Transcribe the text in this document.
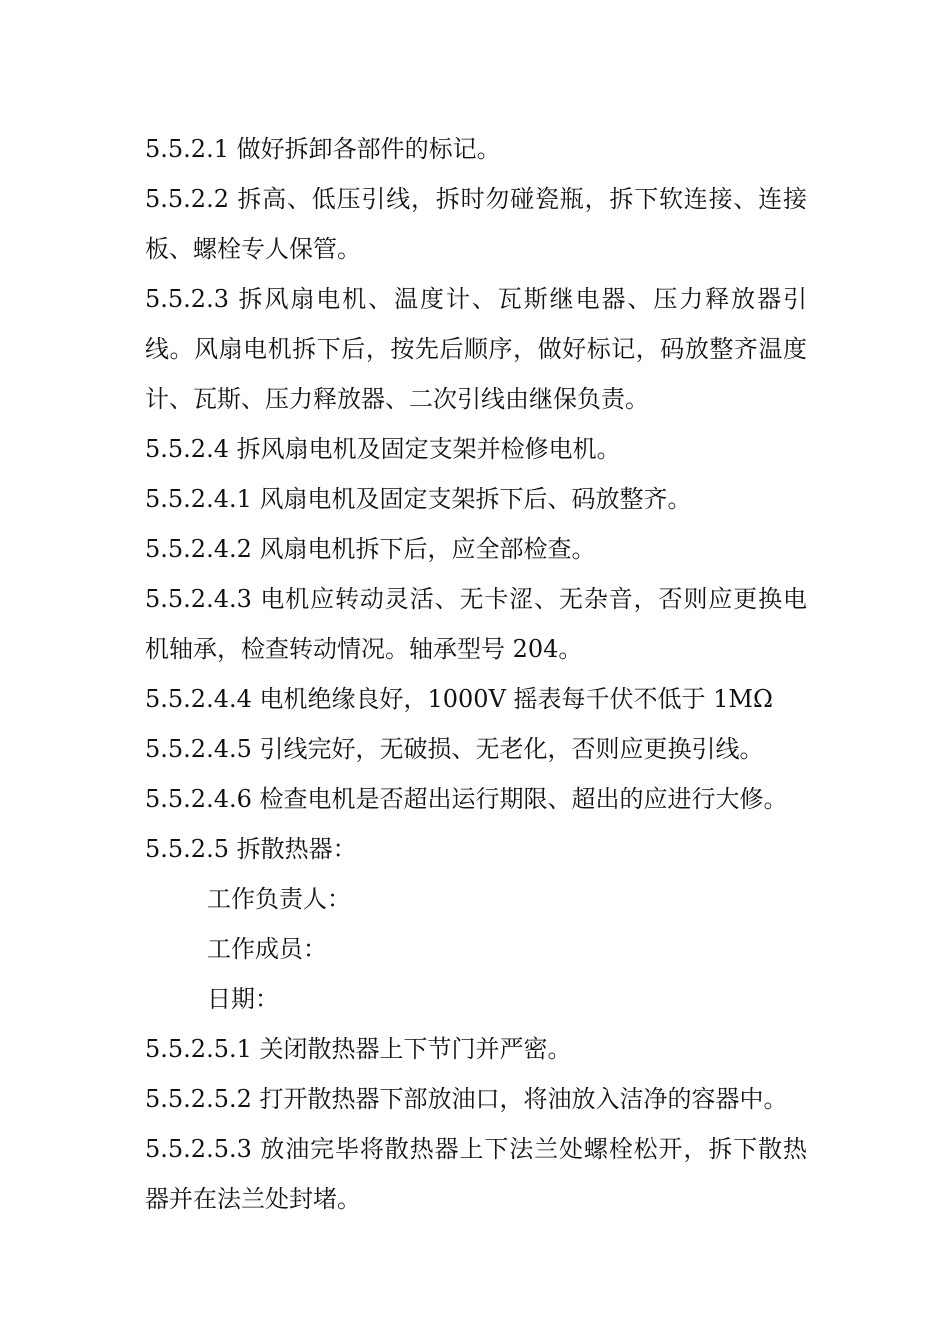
5.5.2.1 做好拆卸各部件的标记。

5.5.2.2 拆高、低压引线，拆时勿碰瓷瓶，拆下软连接、连接板、螺栓专人保管。

5.5.2.3 拆风扇电机、温度计、瓦斯继电器、压力释放器引线。风扇电机拆下后，按先后顺序，做好标记，码放整齐温度计、瓦斯、压力释放器、二次引线由继保负责。

5.5.2.4 拆风扇电机及固定支架并检修电机。

5.5.2.4.1 风扇电机及固定支架拆下后、码放整齐。

5.5.2.4.2 风扇电机拆下后，应全部检查。

5.5.2.4.3 电机应转动灵活、无卡涩、无杂音，否则应更换电机轴承，检查转动情况。轴承型号 204。

5.5.2.4.4 电机绝缘良好，1000V 摇表每千伏不低于 1MΩ

5.5.2.4.5 引线完好，无破损、无老化，否则应更换引线。

5.5.2.4.6 检查电机是否超出运行期限、超出的应进行大修。

5.5.2.5 拆散热器：

工作负责人：

工作成员：

日期：

5.5.2.5.1 关闭散热器上下节门并严密。

5.5.2.5.2 打开散热器下部放油口，将油放入洁净的容器中。

5.5.2.5.3 放油完毕将散热器上下法兰处螺栓松开，拆下散热器并在法兰处封堵。
